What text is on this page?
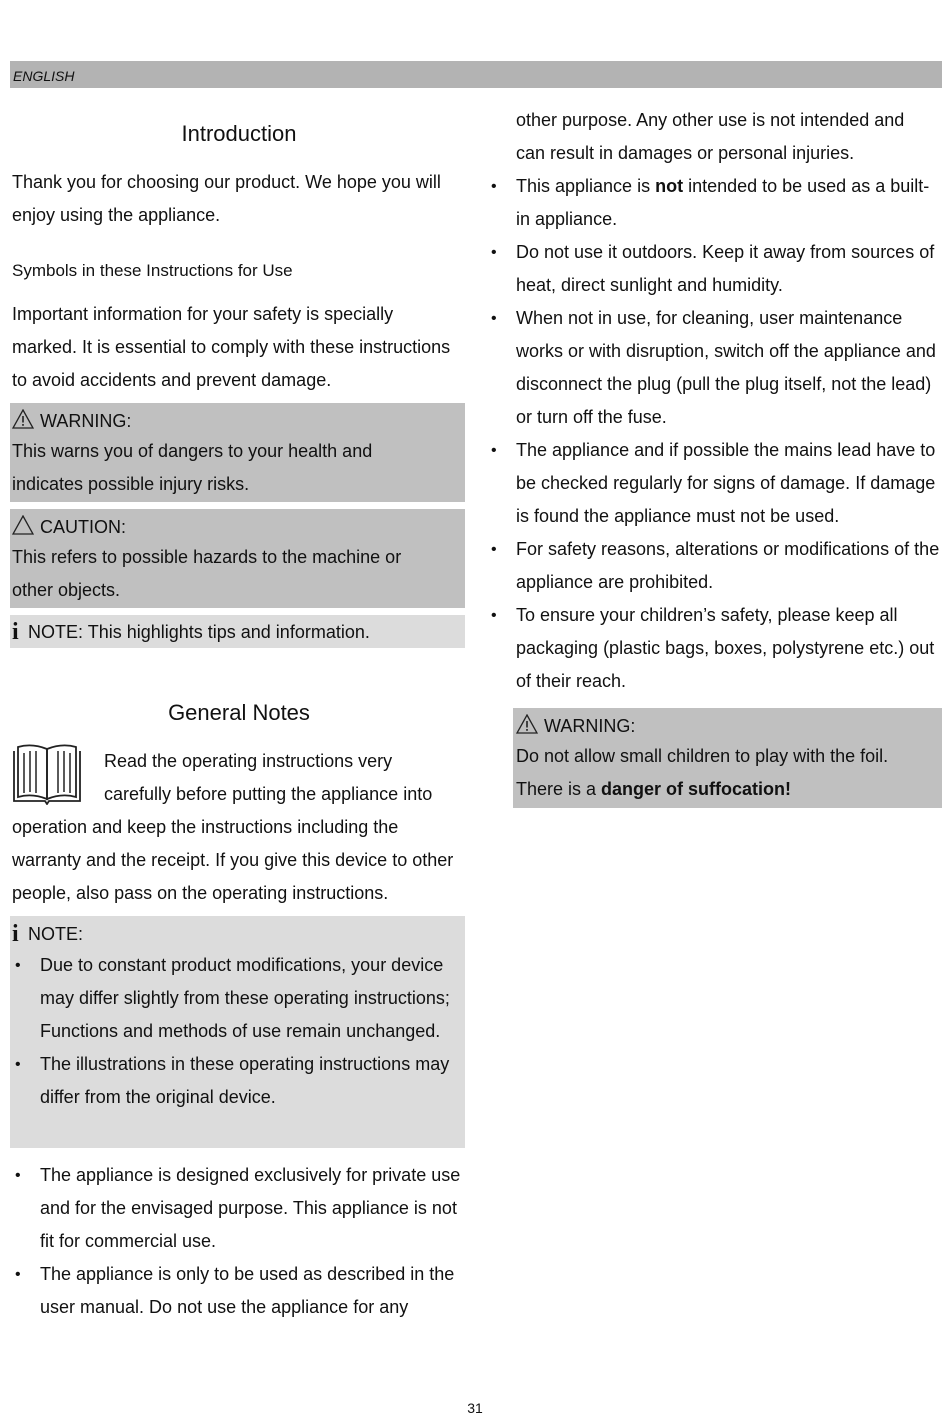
ENGLISH
Introduction
Thank you for choosing our product. We hope you will enjoy using the appliance.
Symbols in these Instructions for Use
Important information for your safety is specially marked. It is essential to comply with these instructions to avoid accidents and prevent damage.
WARNING:
This warns you of dangers to your health and indicates possible injury risks.
CAUTION:
This refers to possible hazards to the machine or other objects.
i NOTE: This highlights tips and information.
General Notes
Read the operating instructions very carefully before putting the appliance into
operation and keep the instructions including the warranty and the receipt. If you give this device to other people, also pass on the operating instructions.
i NOTE:
• Due to constant product modifications, your device may differ slightly from these operating instructions; Functions and methods of use remain unchanged.
• The illustrations in these operating instructions may differ from the original device.
• The appliance is designed exclusively for private use and for the envisaged purpose. This appliance is not fit for commercial use.
• The appliance is only to be used as described in the user manual. Do not use the appliance for any
other purpose. Any other use is not intended and can result in damages or personal injuries.
• This appliance is not intended to be used as a built-in appliance.
• Do not use it outdoors. Keep it away from sources of heat, direct sunlight and humidity.
• When not in use, for cleaning, user maintenance works or with disruption, switch off the appliance and disconnect the plug (pull the plug itself, not the lead) or turn off the fuse.
• The appliance and if possible the mains lead have to be checked regularly for signs of damage. If damage is found the appliance must not be used.
• For safety reasons, alterations or modifications of the appliance are prohibited.
• To ensure your children’s safety, please keep all packaging (plastic bags, boxes, polystyrene etc.) out of their reach.
WARNING:
Do not allow small children to play with the foil.
There is a danger of suffocation!
31
